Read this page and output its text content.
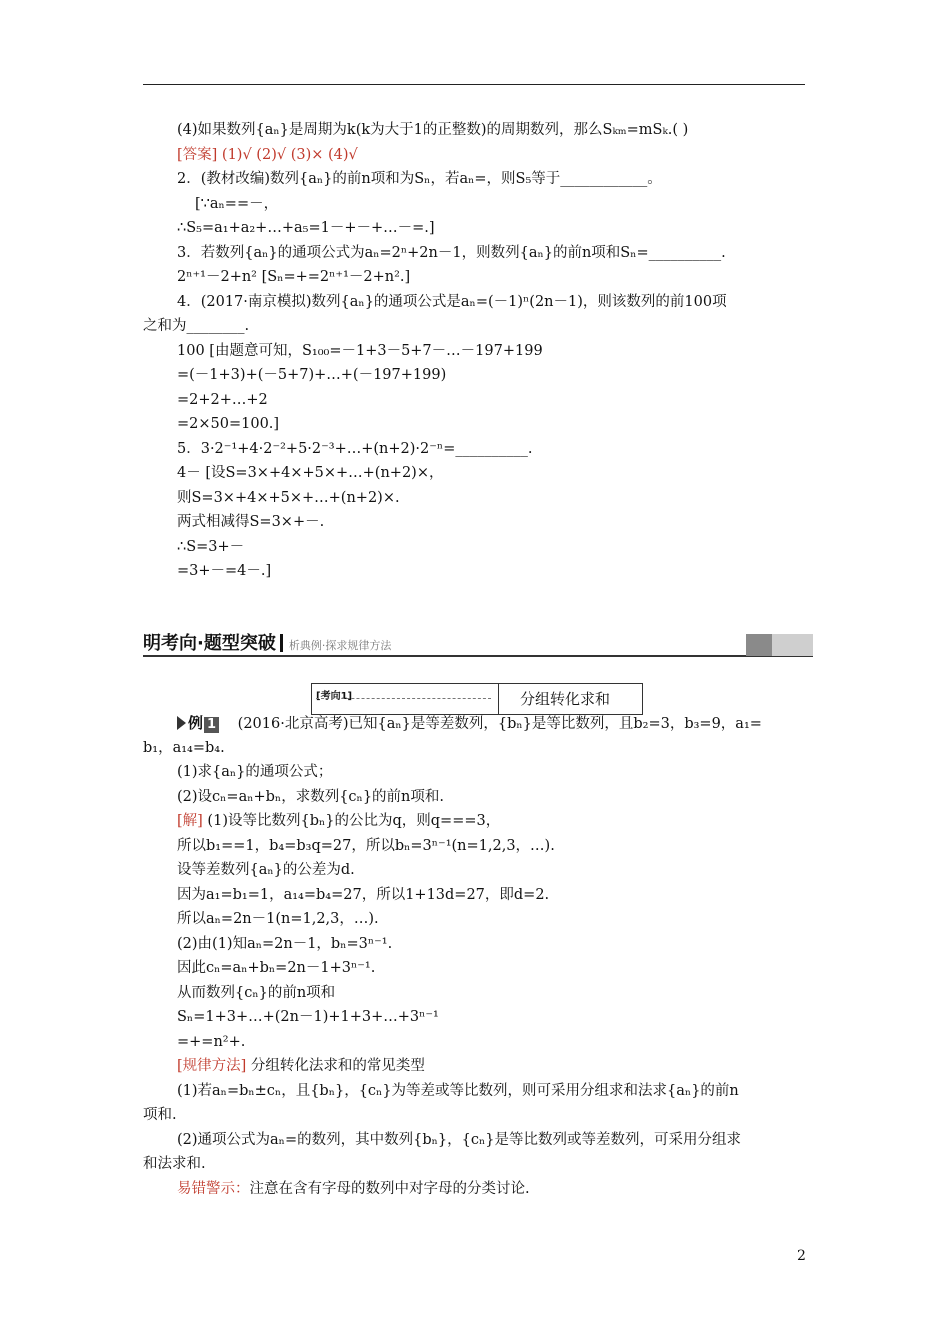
(4)如果数列{aₙ}是周期为k(k为大于1的正整数)的周期数列，那么Sₖₘ=mSₖ.( )
[答案] (1)√ (2)√ (3)× (4)√
2．(教材改编)数列{aₙ}的前n项和为Sₙ，若aₙ=，则S₅等于____________。
[∵aₙ==－，
∴S₅=a₁+a₂+…+a₅=1－+－+…－=.]
3．若数列{aₙ}的通项公式为aₙ=2ⁿ+2n－1，则数列{aₙ}的前n项和Sₙ=__________.
2ⁿ⁺¹－2+n² [Sₙ=+=2ⁿ⁺¹－2+n².]
4．(2017·南京模拟)数列{aₙ}的通项公式是aₙ=(－1)ⁿ(2n－1)，则该数列的前100项
之和为________.
100 [由题意可知，S₁₀₀=－1+3－5+7－…－197+199
=(－1+3)+(－5+7)+…+(－197+199)
=2+2+…+2
=2×50=100.]
5．3·2⁻¹+4·2⁻²+5·2⁻³+…+(n+2)·2⁻ⁿ=__________.
4－ [设S=3×+4×+5×+…+(n+2)×，
则S=3×+4×+5×+…+(n+2)×.
两式相减得S=3×+－.
∴S=3+－
=3+－=4－.]
明考向·题型突破 析典例·探求规律方法
[考向1]	分组转化求和
例 1 (2016·北京高考)已知{aₙ}是等差数列，{bₙ}是等比数列，且b₂=3，b₃=9，a₁=
b₁，a₁₄=b₄.
(1)求{aₙ}的通项公式；
(2)设cₙ=aₙ+bₙ，求数列{cₙ}的前n项和.
[解] (1)设等比数列{bₙ}的公比为q，则q===3，
所以b₁==1，b₄=b₃q=27，所以bₙ=3ⁿ⁻¹(n=1,2,3，…).
设等差数列{aₙ}的公差为d.
因为a₁=b₁=1，a₁₄=b₄=27，所以1+13d=27，即d=2.
所以aₙ=2n－1(n=1,2,3，…).
(2)由(1)知aₙ=2n－1，bₙ=3ⁿ⁻¹.
因此cₙ=aₙ+bₙ=2n－1+3ⁿ⁻¹.
从而数列{cₙ}的前n项和
Sₙ=1+3+…+(2n－1)+1+3+…+3ⁿ⁻¹
=+=n²+.
[规律方法] 分组转化法求和的常见类型
(1)若aₙ=bₙ±cₙ，且{bₙ}，{cₙ}为等差或等比数列，则可采用分组求和法求{aₙ}的前n
项和.
(2)通项公式为aₙ=的数列，其中数列{bₙ}，{cₙ}是等比数列或等差数列，可采用分组求
和法求和.
易错警示：注意在含有字母的数列中对字母的分类讨论.
2
